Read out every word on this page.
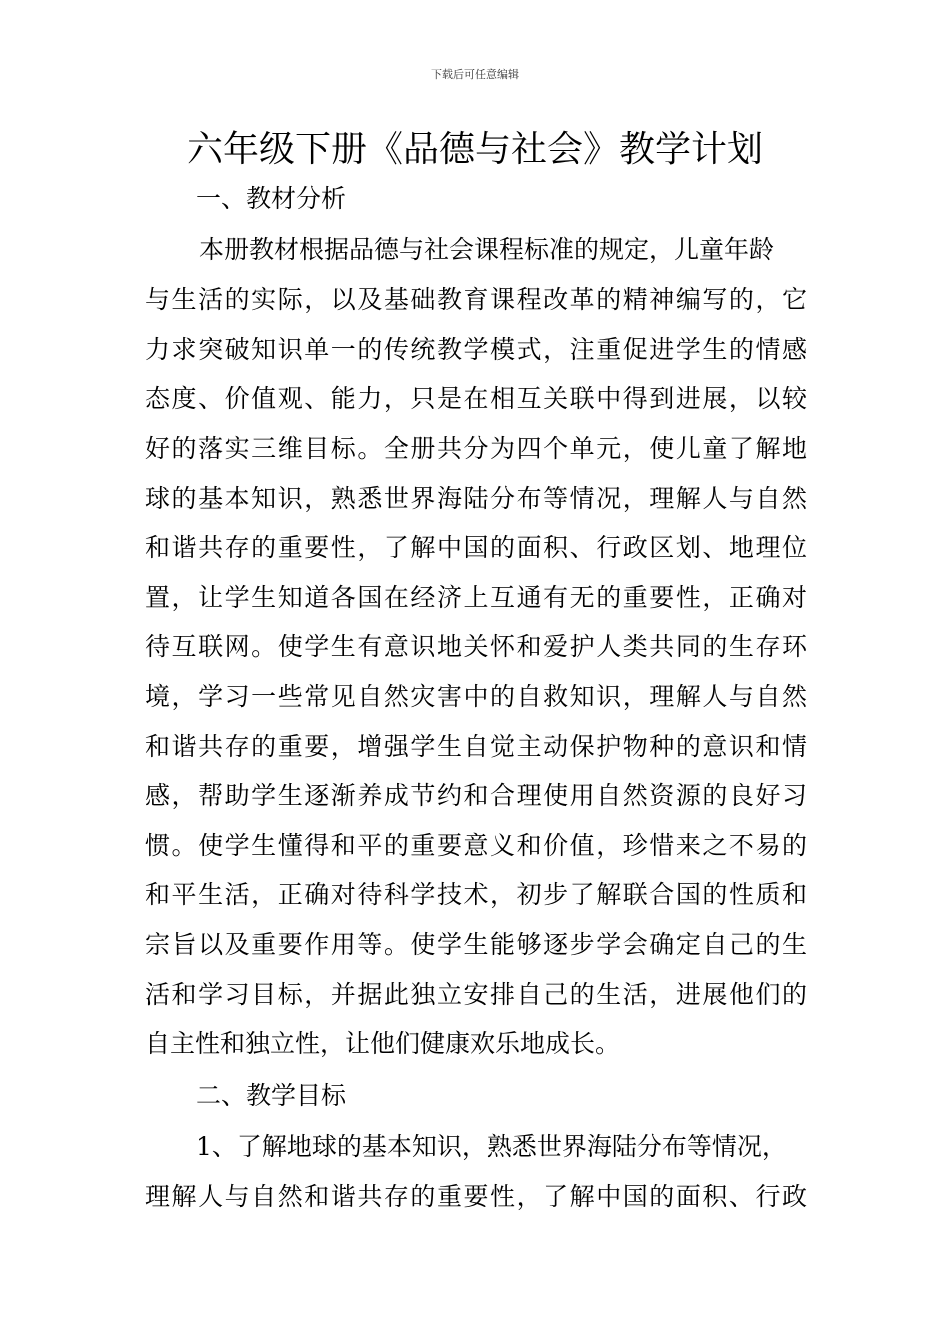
下载后可任意编辑
六年级下册《品德与社会》教学计划
一、教材分析
本册教材根据品德与社会课程标准的规定，儿童年龄
与生活的实际，以及基础教育课程改革的精神编写的，它
力求突破知识单一的传统教学模式，注重促进学生的情感
态度、价值观、能力，只是在相互关联中得到进展，以较
好的落实三维目标。全册共分为四个单元，使儿童了解地
球的基本知识，熟悉世界海陆分布等情况，理解人与自然
和谐共存的重要性，了解中国的面积、行政区划、地理位
置，让学生知道各国在经济上互通有无的重要性，正确对
待互联网。使学生有意识地关怀和爱护人类共同的生存环
境，学习一些常见自然灾害中的自救知识，理解人与自然
和谐共存的重要，增强学生自觉主动保护物种的意识和情
感，帮助学生逐渐养成节约和合理使用自然资源的良好习
惯。使学生懂得和平的重要意义和价值，珍惜来之不易的
和平生活，正确对待科学技术，初步了解联合国的性质和
宗旨以及重要作用等。使学生能够逐步学会确定自己的生
活和学习目标，并据此独立安排自己的生活，进展他们的
自主性和独立性，让他们健康欢乐地成长。
二、教学目标
1、了解地球的基本知识，熟悉世界海陆分布等情况，
理解人与自然和谐共存的重要性，了解中国的面积、行政
